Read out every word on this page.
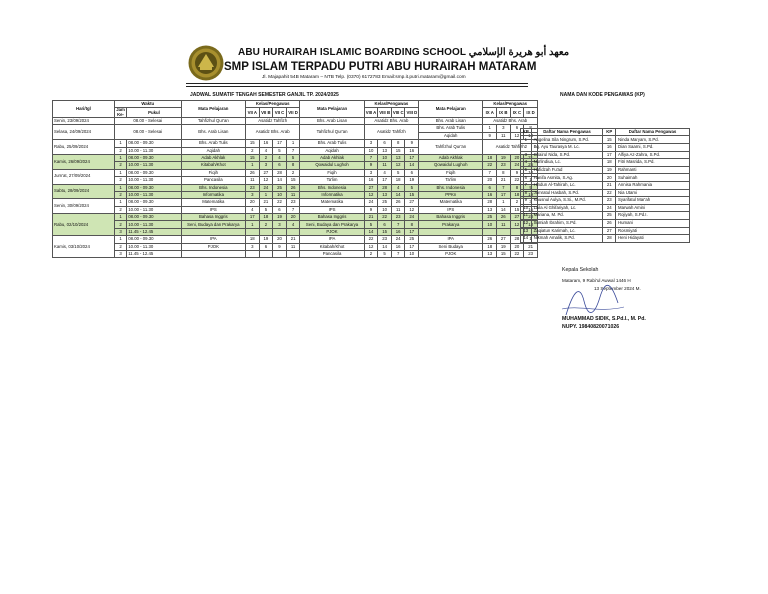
ABU HURAIRAH ISLAMIC BOARDING SCHOOL معهد أبو هريرة الإسلامي
SMP ISLAM TERPADU PUTRI ABU HURAIRAH MATARAM
Jl. Majapahit 54B Mataram – NTB Telp. (0370) 6172783 Email:smp.it.putri.mataram@gmail.com
JADWAL SUMATIF TENGAH SEMESTER GANJIL TP. 2024/2025	NAMA DAN KODE PENGAWAS (KP)
Hari/tgl	Waktu		Mata Pelajaran	Kelas/Pengawas				Mata Pelajaran	Kelas/Pengawas				Mata Pelajaran	Kelas/Pengawas			
	Jam Ke-	Pukul		VII A	VII B	VII C	VII D		VIII A	VIII B	VIII C	VIII D		IX A	IX B	IX C	IX D

Senin, 23/09/2024	08.00 - Selesai		Tahfizhul Qur'an	Asatidz Tahfizh				Bhs. Arab Lisan	Asatidz Bhs. Arab				Bhs. Arab Lisan	Asatidz Bhs. Arab			
Selasa, 24/09/2024	08.00 - Selesai		Bhs. Arab Lisan	Asatidz Bhs. Arab				Tahfizhul Qur'an	Asatidz Tahfizh				Bhs. Arab Tulis	1	3	6	8
													Aqidah	9	11	12	14
Rabu, 25/09/2024	1	08.00 - 09.30	Bhs. Arab Tulis	15	16	17	1	Bhs. Arab Tulis	3	6	8	9	Tahfizhul Qur'an	Asatidz Tahfizh			
	2	10.00 - 11.30	Aqidah	2	4	5	7	Aqidah	10	13	15	16					
Kamis, 26/09/2024	1	08.00 - 09.30	Adab Akhlak	15	2	4	5	Adab Akhlak	7	10	13	17	Adab Akhlak	18	19	20	21
	2	10.00 - 11.30	Kitabah/Khot	1	3	6	8	Qowaidul Lughoh	9	11	12	14	Qowaidul Lughoh	22	23	24	25
Jum'at, 27/09/2024	1	08.00 - 09.30	Fiqih	26	27	28	2	Fiqih	3	4	5	6	Fiqih	7	8	9	10
	2	10.00 - 11.30	Pancasila	11	12	14	15	Ta'lim	16	17	18	19	Ta'lim	20	21	22	1
Sabtu, 28/09/2024	1	08.00 - 09.30	Bhs. Indonesia	23	24	25	26	Bhs. Indonesia	27	28	4	5	Bhs. Indonesia	6	7	8	9
	2	10.00 - 11.30	Informatika	3	1	10	11	Informatika	12	13	14	15	PPKn	16	17	18	19
Senin, 30/09/2024	1	08.00 - 09.30	Matematika	20	21	22	23	Matematika	24	25	26	27	Matematika	28	1	2	3
	2	10.00 - 11.30	IPS	4	5	6	7	IPS	9	10	11	12	IPS	13	14	15	16
Rabu, 02/10/2024	1	08.00 - 09.30	Bahasa Inggris	17	18	19	20	Bahasa Inggris	21	22	23	24	Bahasa Inggris	25	26	27	28
	2	10.00 - 11.30	Seni, Budaya dan Prakarya	1	2	3	4	Seni, Budaya dan Prakarya	5	6	7	8	Prakarya	10	11	12	13
	3	11.45 - 12.45						PJOK	14	15	16	17					
Kamis, 03/10/2024	1	08.00 - 09.30	IPA	18	19	20	21	IPA	22	23	24	25	IPA	26	27	28	1
	2	10.00 - 11.30	PJOK	3	6	9	11	Kitabah/Khot	12	14	16	17	Seni Budaya	18	19	20	21
	3	11.45 - 12.45						Pancasila	2	5	7	10	PJOK	13	15	22	23
KP	Daftar Nama Pengawas	KP	Daftar Nama Pengawas
1	Angelina Sila Ningrum, S.Pd.	15	Ninda Maryam, S.Pd.
2	Bq. Ayu Taurasya M. Lc.	16	Dian Saarni, S.Pd.
3	Chairul Nida, S.Pd.	17	Alfiya Az-Zahra, S.Pd.
4	Nurlindiua, Lc.	18	Fitri Masrida, S.Pd.
5	Hafidzah Fu'ad	19	Rahmanti
6	Hanifa Asmita, S.Ag.	20	Suhaimah
7	Hindun Al-Tahirah, Lc.	21	Annisa Rahmania
8	Jumratul Hasbah, S.Pd.	22	Nia Utami
9	Khusnul Aulya, S.Si., M.Pd.	23	Syarifatul Mar'ah
10	Laila Al Ghifariyah, Lc.	24	Marwah Amini
11	Mariana, M. Pd.	25	Rojiyah, S.Pd.I.
12	Sumiah Ibrahim, S.Pd.	26	Humani
13	Zaqiatun Karimah, Lc.	27	Rosmiyati
14	Nikmah Amalik, S.Pd.	28	Heni Hidayati
Kepala Sekolah
Mataram, 9 Rabi'ul Awwal 1446 H
13 September 2024 M.
MUHAMMAD SIDIK, S.Pd.I., M. Pd.
NUPY. 19840820071026
